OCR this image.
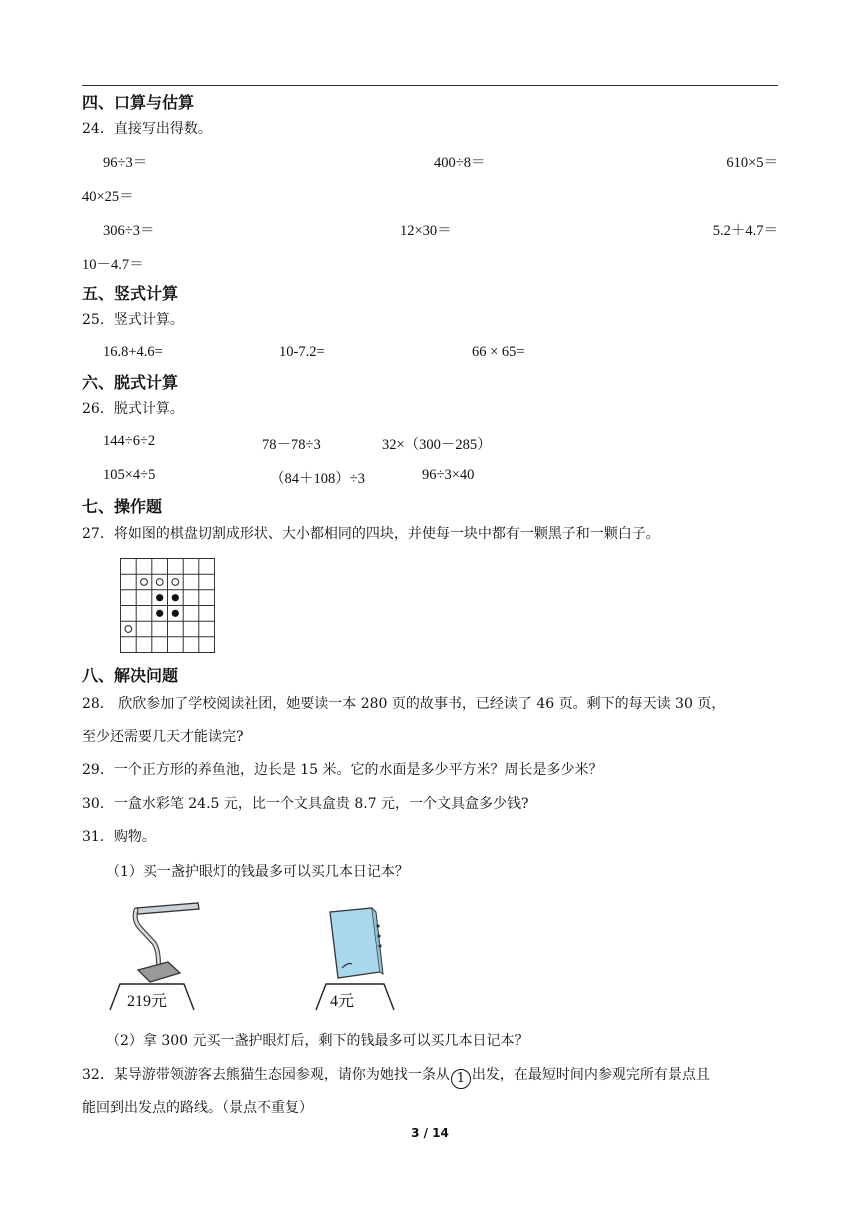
四、口算与估算
24．直接写出得数。
96÷3＝	400÷8＝	610×5＝
40×25＝
306÷3＝	12×30＝	5.2＋4.7＝
10－4.7＝
五、竖式计算
25．竖式计算。
16.8+4.6=	10-7.2=	66 × 65=
六、脱式计算
26．脱式计算。
144÷6÷2	78－78÷3	32×（300－285）
105×4÷5	（84＋108）÷3	96÷3×40
七、操作题
27．将如图的棋盘切割成形状、大小都相同的四块，并使每一块中都有一颗黑子和一颗白子。
八、解决问题
28． 欣欣参加了学校阅读社团，她要读一本 280 页的故事书，已经读了 46 页。剩下的每天读 30 页，
至少还需要几天才能读完?
29．一个正方形的养鱼池，边长是 15 米。它的水面是多少平方米？周长是多少米？
30．一盒水彩笔 24.5 元，比一个文具盒贵 8.7 元，一个文具盒多少钱?
31．购物。
（1）买一盏护眼灯的钱最多可以买几本日记本？
219元	4元
（2）拿 300 元买一盏护眼灯后，剩下的钱最多可以买几本日记本？
32．某导游带领游客去熊猫生态园参观，请你为她找一条从 1 出发，在最短时间内参观完所有景点且
能回到出发点的路线。（景点不重复）
3 / 14
